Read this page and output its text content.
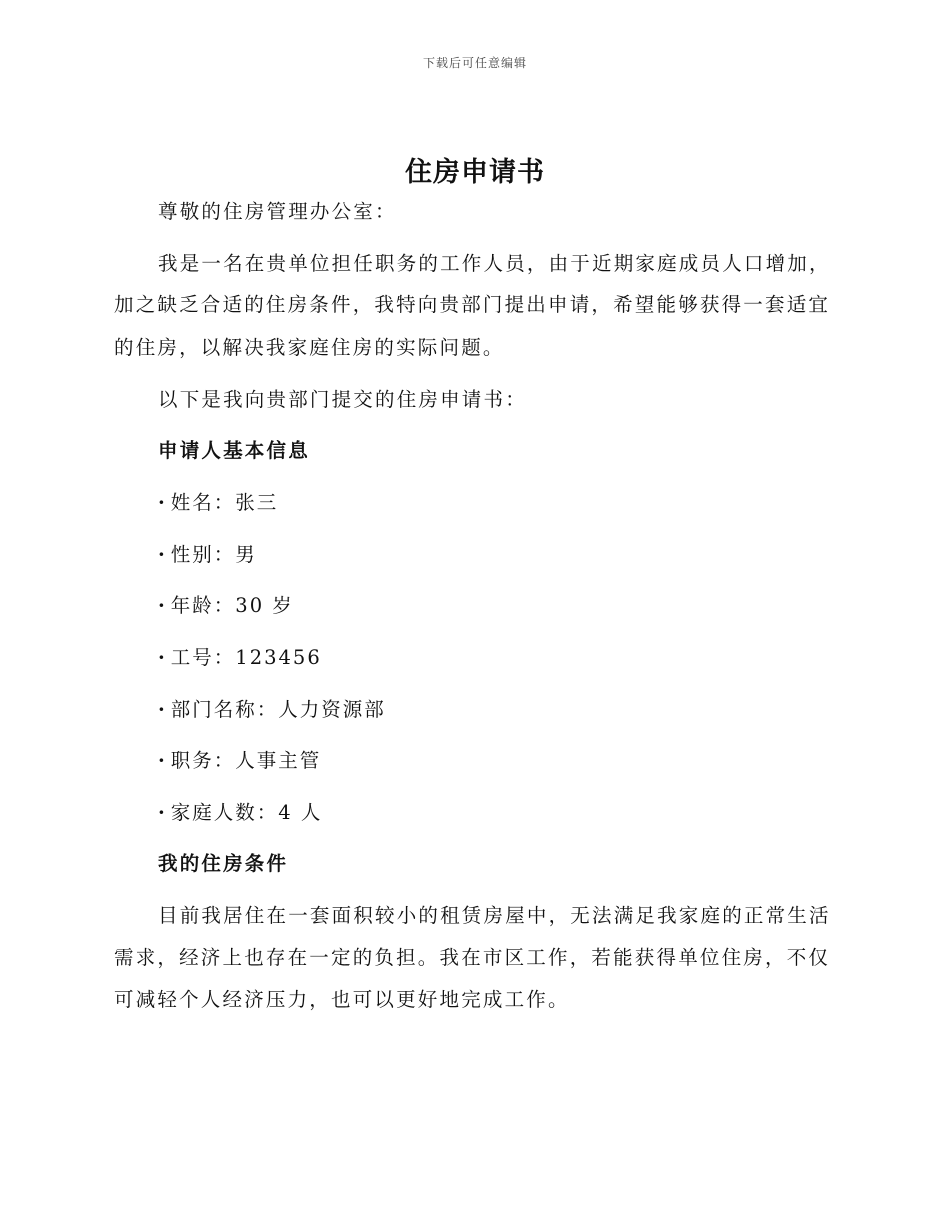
下载后可任意编辑
住房申请书
尊敬的住房管理办公室：
我是一名在贵单位担任职务的工作人员，由于近期家庭成员人口增加，
加之缺乏合适的住房条件，我特向贵部门提出申请，希望能够获得一套适宜
的住房，以解决我家庭住房的实际问题。
以下是我向贵部门提交的住房申请书：
申请人基本信息
· 姓名：张三
· 性别：男
· 年龄：30 岁
· 工号：123456
· 部门名称：人力资源部
· 职务：人事主管
· 家庭人数：4 人
我的住房条件
目前我居住在一套面积较小的租赁房屋中，无法满足我家庭的正常生活
需求，经济上也存在一定的负担。我在市区工作，若能获得单位住房，不仅
可减轻个人经济压力，也可以更好地完成工作。
